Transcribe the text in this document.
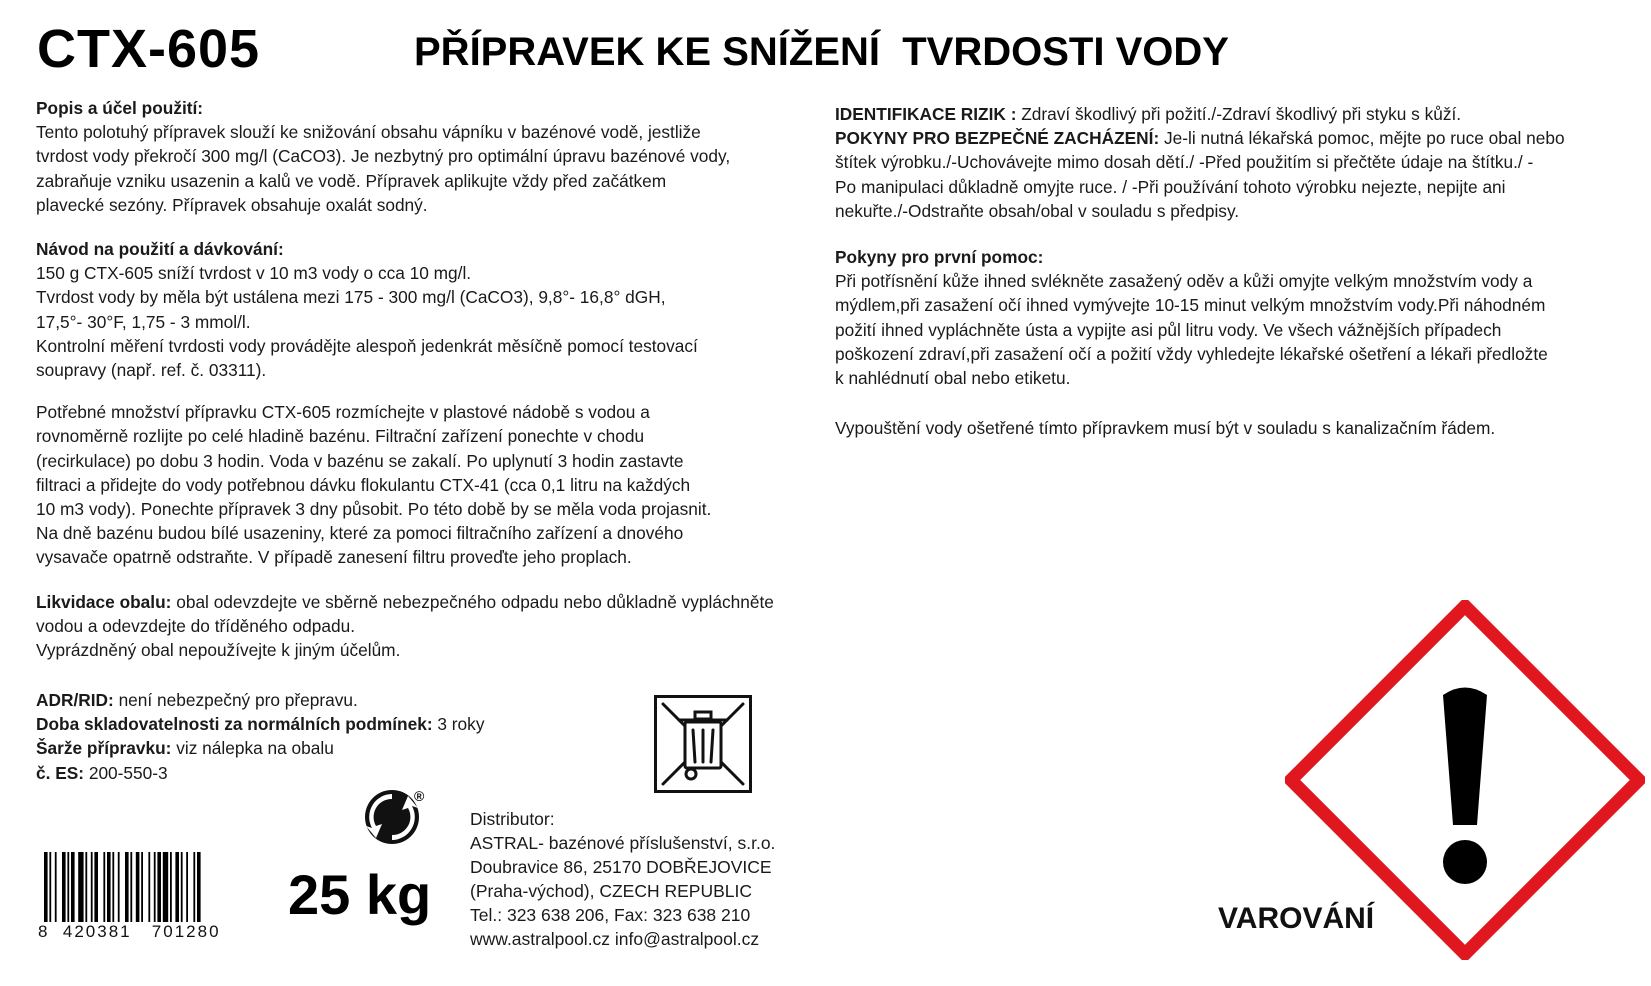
CTX-605	PŘÍPRAVEK KE SNÍŽENÍ  TVRDOSTI VODY
Popis a účel použití:
Tento polotuhý přípravek slouží ke snižování obsahu vápníku v bazénové vodě, jestliže
tvrdost vody překročí 300 mg/l (CaCO3). Je nezbytný pro optimální úpravu bazénové vody,
zabraňuje vzniku usazenin a kalů ve vodě. Přípravek aplikujte vždy před začátkem
plavecké sezóny. Přípravek obsahuje oxalát sodný.
Návod na použití a dávkování:
150 g CTX-605 sníží tvrdost v 10 m3 vody o cca 10 mg/l.
Tvrdost vody by měla být ustálena mezi 175 - 300 mg/l (CaCO3), 9,8°- 16,8° dGH,
17,5°- 30°F, 1,75 - 3 mmol/l.
Kontrolní měření tvrdosti vody provádějte alespoň jedenkrát měsíčně pomocí testovací
soupravy (např. ref. č. 03311).
Potřebné množství přípravku CTX-605 rozmíchejte v plastové nádobě s vodou a
rovnoměrně rozlijte po celé hladině bazénu. Filtrační zařízení ponechte v chodu
(recirkulace) po dobu 3 hodin. Voda v bazénu se zakalí. Po uplynutí 3 hodin zastavte
filtraci a přidejte do vody potřebnou dávku flokulantu CTX-41 (cca 0,1 litru na každých
10 m3 vody). Ponechte přípravek 3 dny působit. Po této době by se měla voda projasnit.
Na dně bazénu budou bílé usazeniny, které za pomoci filtračního zařízení a dnového
vysavače opatrně odstraňte. V případě zanesení filtru proveďte jeho proplach.
Likvidace obalu: obal odevzdejte ve sběrně nebezpečného odpadu nebo důkladně vypláchněte
vodou a odevzdejte do tříděného odpadu.
Vyprázdněný obal nepoužívejte k jiným účelům.
ADR/RID: není nebezpečný pro přepravu.
Doba skladovatelnosti za normálních podmínek: 3 roky
Šarže přípravku: viz nálepka na obalu
č. ES: 200-550-3
®
8  420381   701280
25 kg
Distributor:
ASTRAL- bazénové příslušenství, s.r.o.
Doubravice 86, 25170 DOBŘEJOVICE
(Praha-východ), CZECH REPUBLIC
Tel.: 323 638 206, Fax: 323 638 210
www.astralpool.cz info@astralpool.cz
IDENTIFIKACE RIZIK : Zdraví škodlivý při požití./-Zdraví škodlivý při styku s kůží.
POKYNY PRO BEZPEČNÉ ZACHÁZENÍ: Je-li nutná lékařská pomoc, mějte po ruce obal nebo
štítek výrobku./-Uchovávejte mimo dosah dětí./ -Před použitím si přečtěte údaje na štítku./ -
Po manipulaci důkladně omyjte ruce. / -Při používání tohoto výrobku nejezte, nepijte ani
nekuřte./-Odstraňte obsah/obal v souladu s předpisy.
Pokyny pro první pomoc:
Při potřísnění kůže ihned svlékněte zasažený oděv a kůži omyjte velkým množstvím vody a
mýdlem,při zasažení očí ihned vymývejte 10-15 minut velkým množstvím vody.Při náhodném
požití ihned vypláchněte ústa a vypijte asi půl litru vody. Ve všech vážnějších případech
poškození zdraví,při zasažení očí a požití vždy vyhledejte lékařské ošetření a lékaři předložte
k nahlédnutí obal nebo etiketu.
Vypouštění vody ošetřené tímto přípravkem musí být v souladu s kanalizačním řádem.
VAROVÁNÍ
